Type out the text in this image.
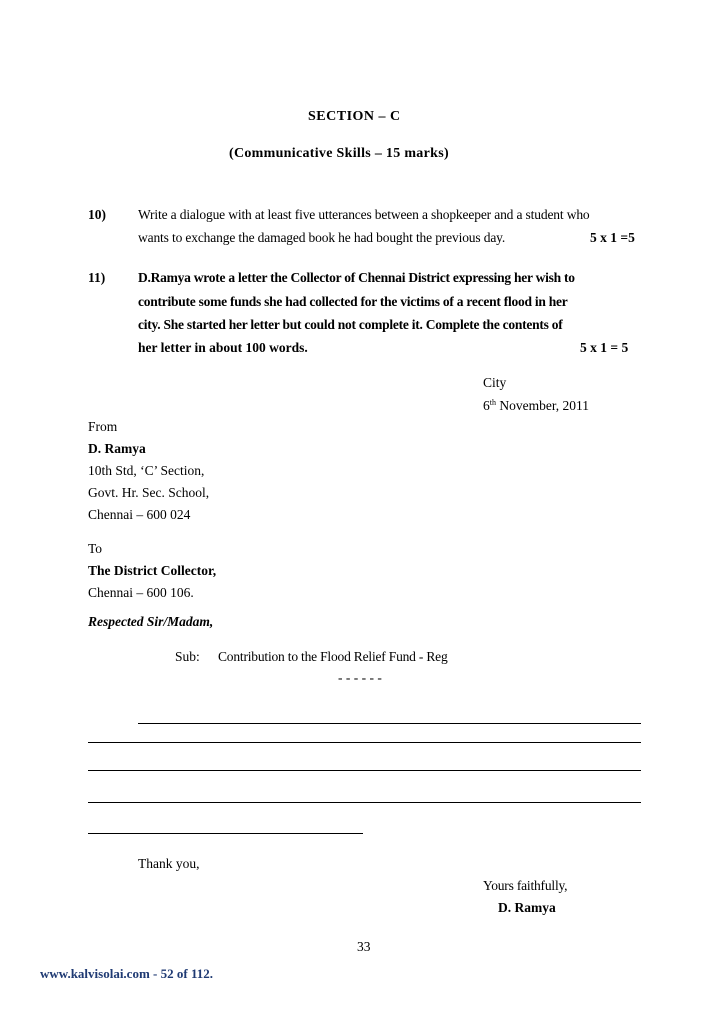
SECTION – C
(Communicative Skills – 15 marks)
10) Write a dialogue with at least five utterances between a shopkeeper and a student who
wants to exchange the damaged book he had bought the previous day.	5 x 1 =5
11) D.Ramya wrote a letter the Collector of Chennai District expressing her wish to
contribute some funds she had collected for the victims of a recent flood in her
city. She started her letter but could not complete it. Complete the contents of
her letter in about 100 words.	5 x 1 = 5
City
6th November, 2011
From
D. Ramya
10th Std, ‘C’ Section,
Govt. Hr. Sec. School,
Chennai – 600 024
To
The District Collector,
Chennai – 600 106.
Respected Sir/Madam,
Sub: Contribution to the Flood Relief Fund - Reg
- - - - - -
Thank you,
Yours faithfully,
D. Ramya
33
www.kalvisolai.com - 52 of 112.
